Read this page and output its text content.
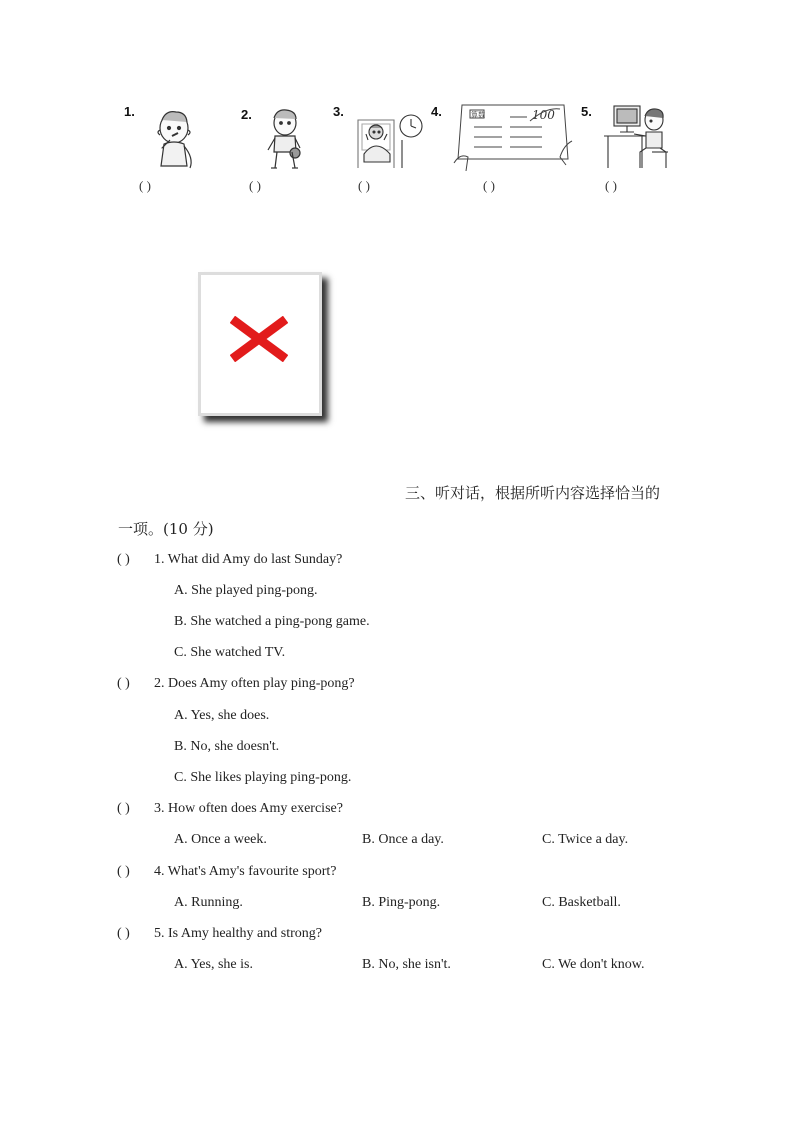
1.
( )
2.
( )
3.
( )
4.	算数	100
( )
5.
( )
三、听对话，根据所听内容选择恰当的
一项。(10 分)
( ) 1. What did Amy do last Sunday?
A. She played ping-pong.
B. She watched a ping-pong game.
C. She watched TV.
( ) 2. Does Amy often play ping-pong?
A. Yes, she does.
B. No, she doesn't.
C. She likes playing ping-pong.
( ) 3. How often does Amy exercise?
A. Once a week.	B. Once a day.	C. Twice a day.
( ) 4. What's Amy's favourite sport?
A. Running.	B. Ping-pong.	C. Basketball.
( ) 5. Is Amy healthy and strong?
A. Yes, she is.	B. No, she isn't.	C. We don't know.
